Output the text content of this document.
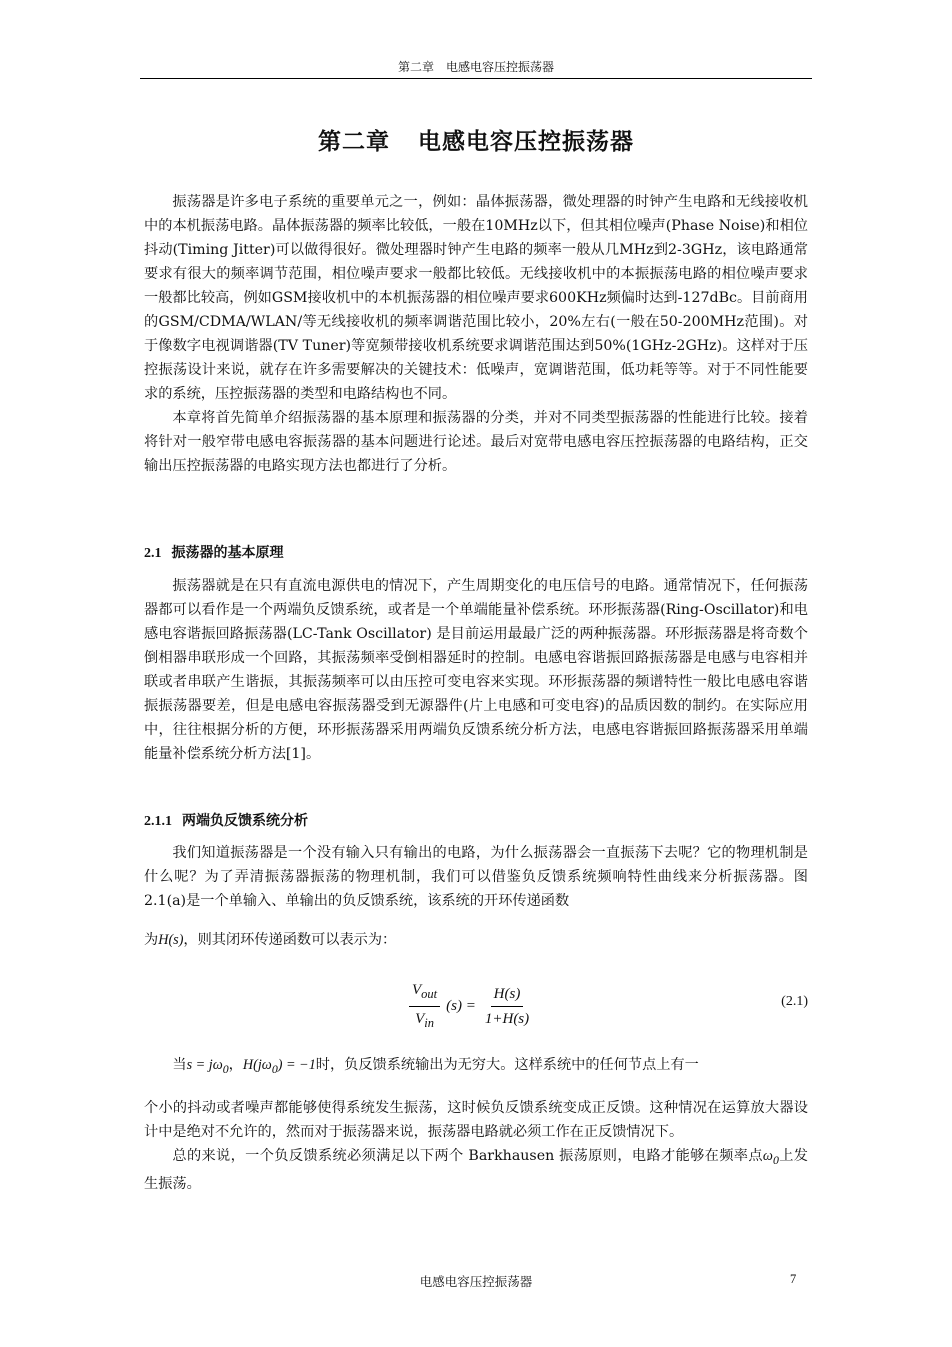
第二章　电感电容压控振荡器
第二章 电感电容压控振荡器

振荡器是许多电子系统的重要单元之一，例如：晶体振荡器，微处理器的时钟产生电路和无线接收机中的本机振荡电路。晶体振荡器的频率比较低，一般在10MHz以下，但其相位噪声(Phase Noise)和相位抖动(Timing Jitter)可以做得很好。微处理器时钟产生电路的频率一般从几MHz到2-3GHz，该电路通常要求有很大的频率调节范围，相位噪声要求一般都比较低。无线接收机中的本振振荡电路的相位噪声要求一般都比较高，例如GSM接收机中的本机振荡器的相位噪声要求600KHz频偏时达到-127dBc。目前商用的GSM/CDMA/WLAN/等无线接收机的频率调谐范围比较小，20%左右(一般在50-200MHz范围)。对于像数字电视调谐器(TV Tuner)等宽频带接收机系统要求调谐范围达到50%(1GHz-2GHz)。这样对于压控振荡设计来说，就存在许多需要解决的关键技术：低噪声，宽调谐范围，低功耗等等。对于不同性能要求的系统，压控振荡器的类型和电路结构也不同。

本章将首先简单介绍振荡器的基本原理和振荡器的分类，并对不同类型振荡器的性能进行比较。接着将针对一般窄带电感电容振荡器的基本问题进行论述。最后对宽带电感电容压控振荡器的电路结构，正交输出压控振荡器的电路实现方法也都进行了分析。

2.1 振荡器的基本原理

振荡器就是在只有直流电源供电的情况下，产生周期变化的电压信号的电路。通常情况下，任何振荡器都可以看作是一个两端负反馈系统，或者是一个单端能量补偿系统。环形振荡器(Ring-Oscillator)和电感电容谐振回路振荡器(LC-Tank Oscillator) 是目前运用最最广泛的两种振荡器。环形振荡器是将奇数个倒相器串联形成一个回路，其振荡频率受倒相器延时的控制。电感电容谐振回路振荡器是电感与电容相并联或者串联产生谐振，其振荡频率可以由压控可变电容来实现。环形振荡器的频谱特性一般比电感电容谐振振荡器要差，但是电感电容振荡器受到无源器件(片上电感和可变电容)的品质因数的制约。在实际应用中，往往根据分析的方便，环形振荡器采用两端负反馈系统分析方法，电感电容谐振回路振荡器采用单端能量补偿系统分析方法[1]。

2.1.1 两端负反馈系统分析

我们知道振荡器是一个没有输入只有输出的电路，为什么振荡器会一直振荡下去呢？它的物理机制是什么呢？为了弄清振荡器振荡的物理机制，我们可以借鉴负反馈系统频响特性曲线来分析振荡器。图2.1(a)是一个单输入、单输出的负反馈系统，该系统的开环传递函数

为H(s)，则其闭环传递函数可以表示为：
$\frac{V_{out}}{V_{in}} (s) = \frac{H(s)}{1+H(s)}$	(2.1)

当$s = j\omega_0$，$H(j\omega_0) = -1$时，负反馈系统输出为无穷大。这样系统中的任何节点上有一

个小的抖动或者噪声都能够使得系统发生振荡，这时候负反馈系统变成正反馈。这种情况在运算放大器设计中是绝对不允许的，然而对于振荡器来说，振荡器电路就必须工作在正反馈情况下。

总的来说，一个负反馈系统必须满足以下两个 Barkhausen 振荡原则，电路才能够在频率点$\omega_0$上发生振荡。

电感电容压控振荡器	7
